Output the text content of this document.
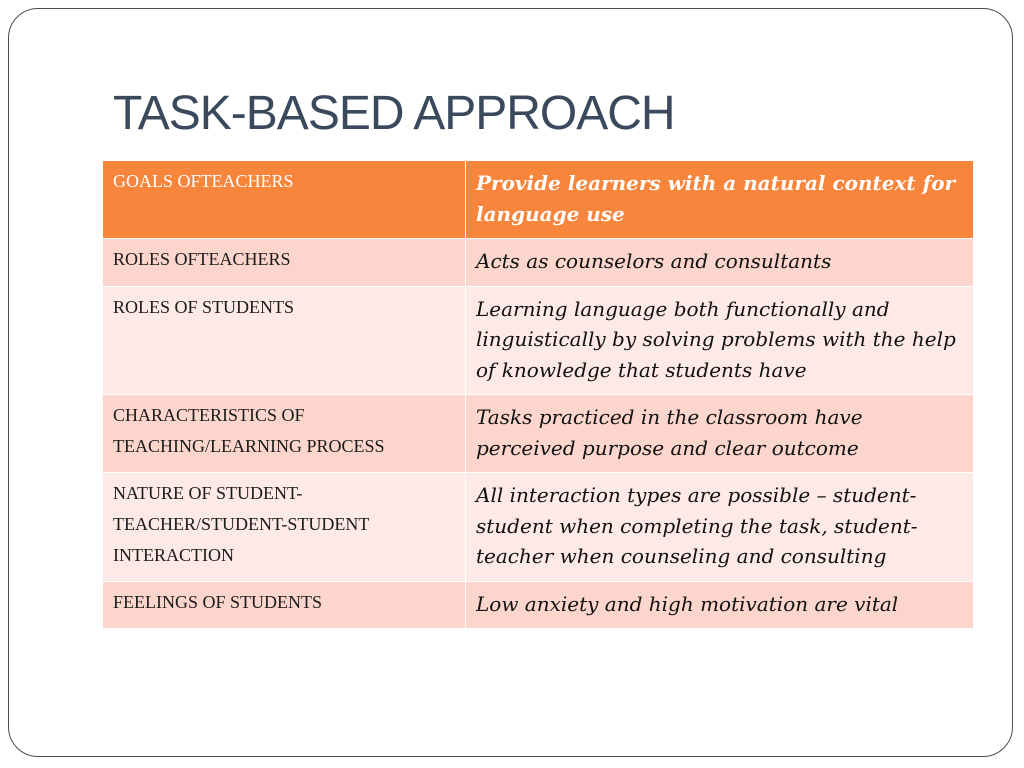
TASK-BASED APPROACH
GOALS OFTEACHERS	Provide learners with a natural context for language use
ROLES OFTEACHERS	Acts as counselors and consultants
ROLES OF STUDENTS	Learning language both functionally and linguistically by solving problems with the help of knowledge that students have
CHARACTERISTICS OF TEACHING/LEARNING PROCESS	Tasks practiced in the classroom have perceived purpose and clear outcome
NATURE OF STUDENT-TEACHER/STUDENT-STUDENT INTERACTION	All interaction types are possible – student-student when completing the task, student-teacher when counseling and consulting
FEELINGS OF STUDENTS	Low anxiety and high motivation are vital
